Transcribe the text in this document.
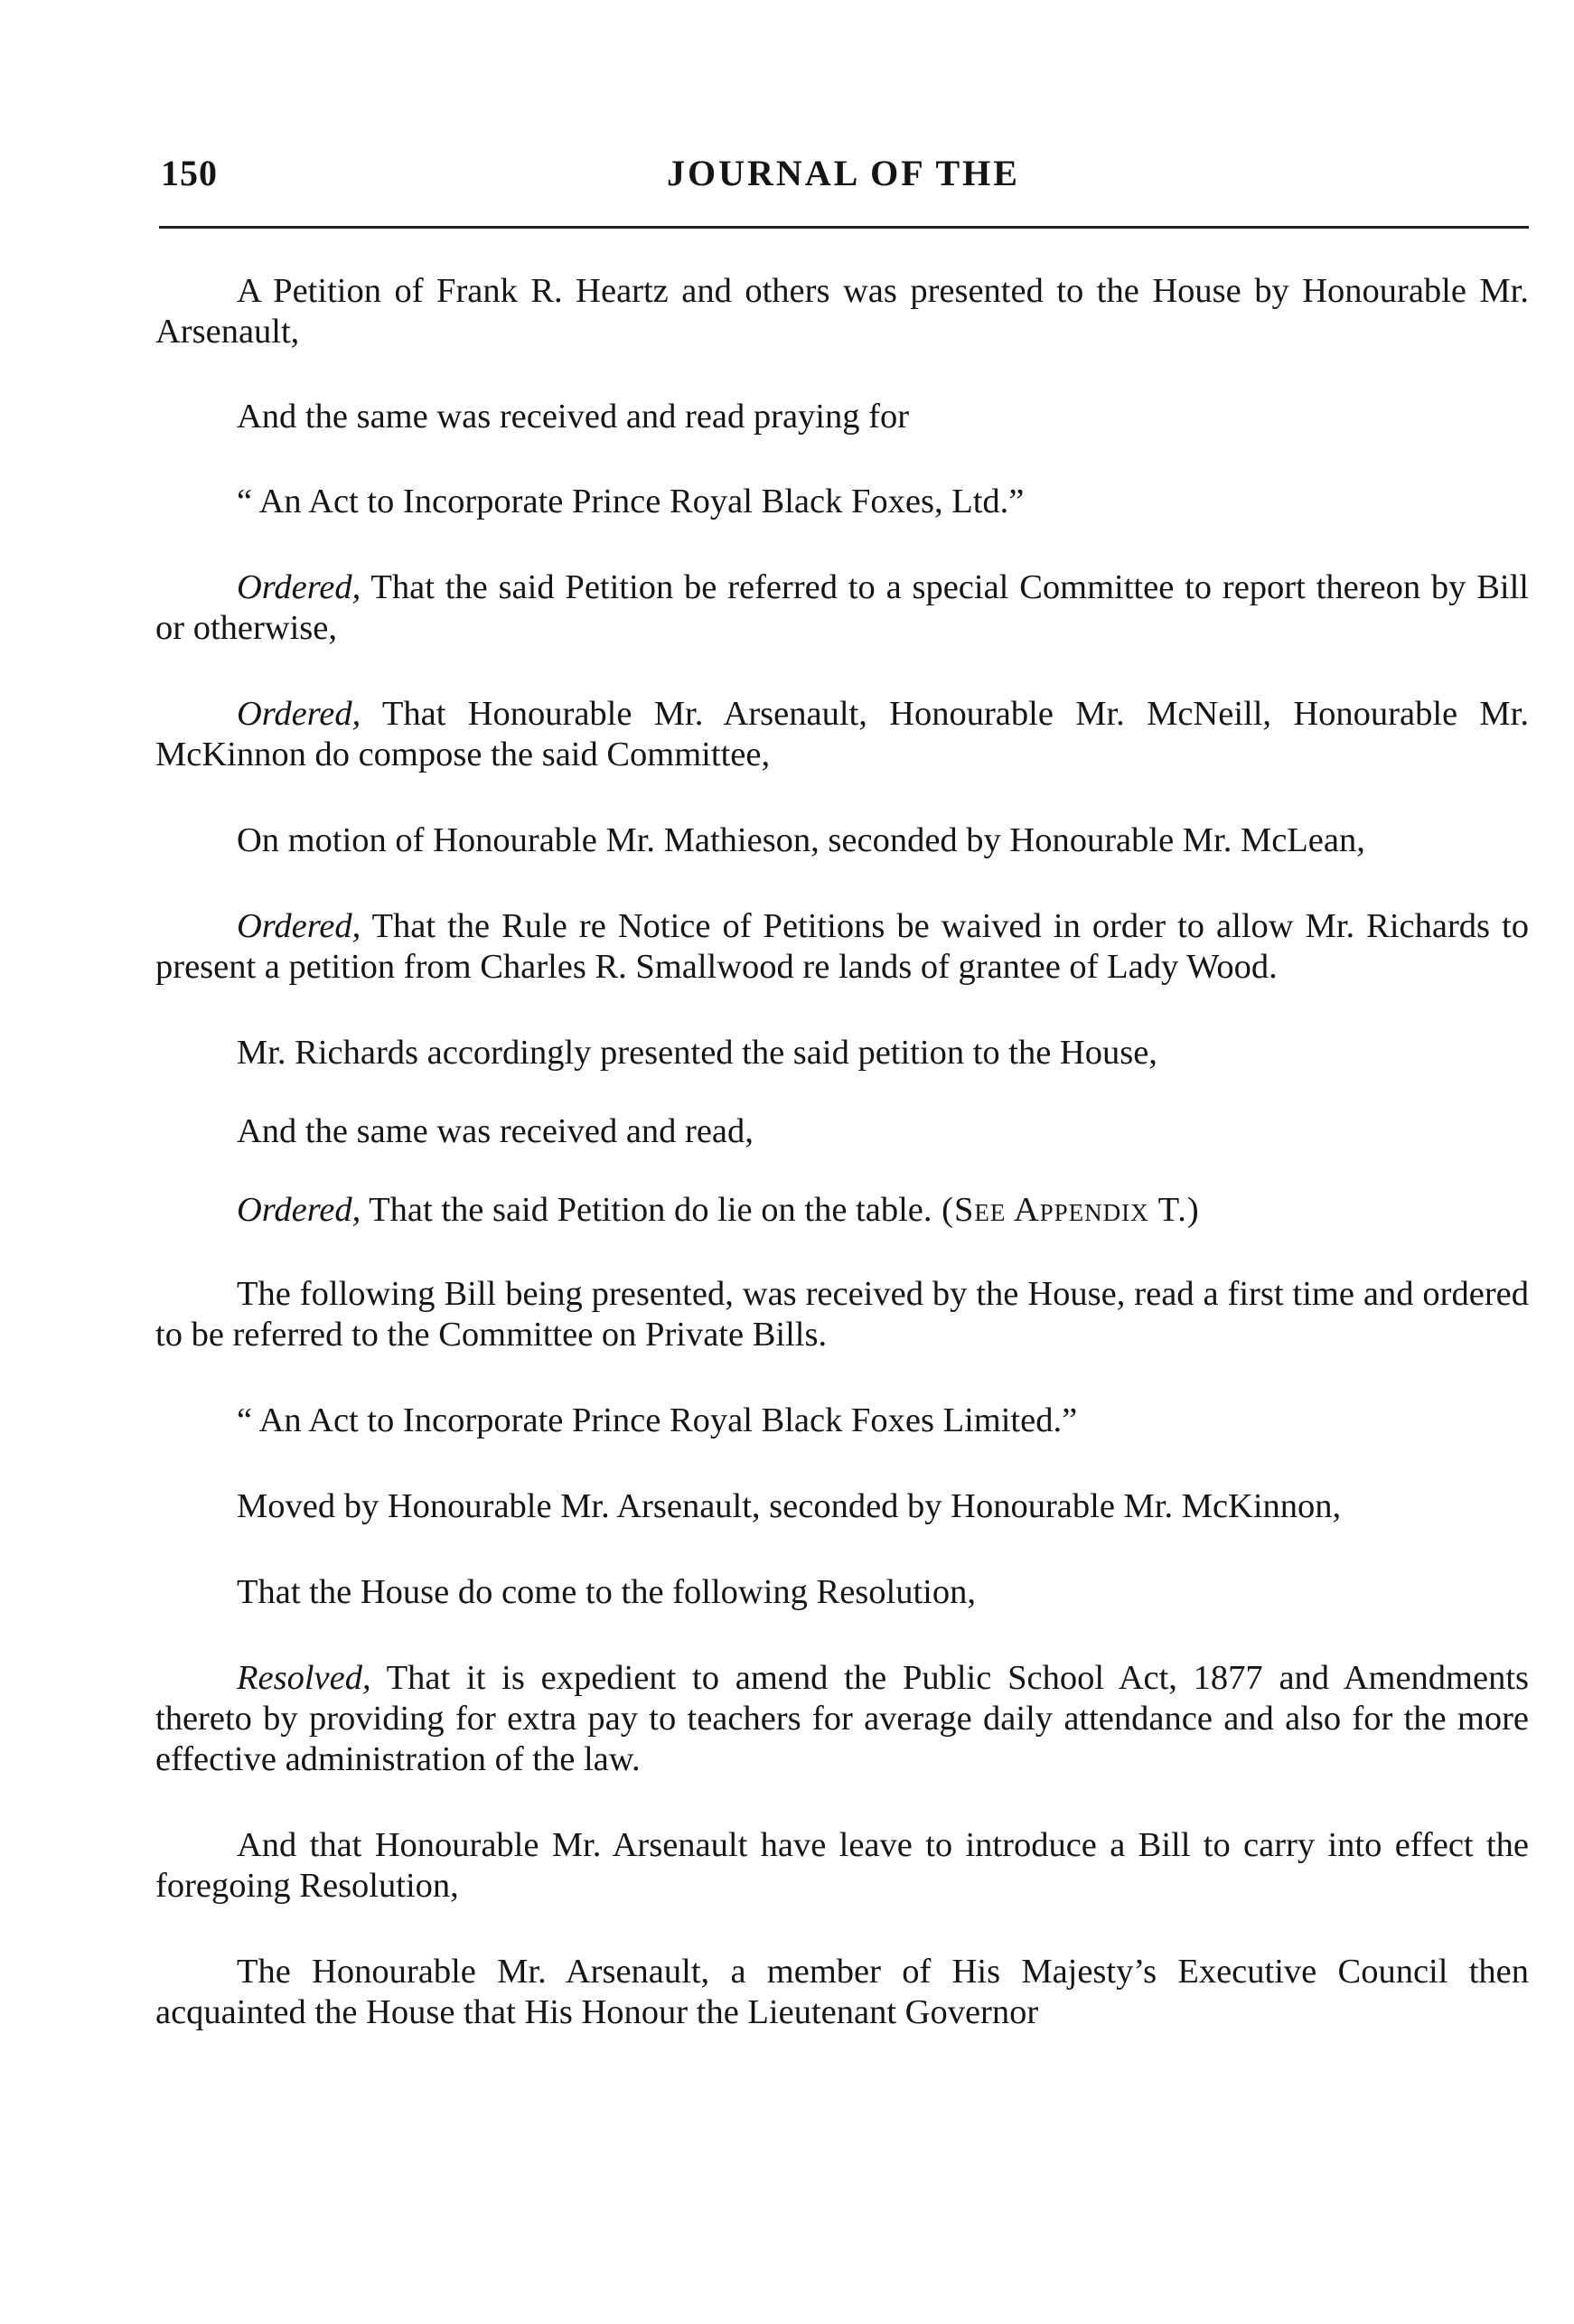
150	JOURNAL OF THE

A Petition of Frank R. Heartz and others was presented to the House by Honourable Mr. Arsenault,

And the same was received and read praying for

“ An Act to Incorporate Prince Royal Black Foxes, Ltd.”

Ordered, That the said Petition be referred to a special Committee to report thereon by Bill or otherwise,

Ordered, That Honourable Mr. Arsenault, Honourable Mr. McNeill, Honourable Mr. McKinnon do compose the said Committee,

On motion of Honourable Mr. Mathieson, seconded by Honourable Mr. McLean,

Ordered, That the Rule re Notice of Petitions be waived in order to allow Mr. Richards to present a petition from Charles R. Smallwood re lands of grantee of Lady Wood.

Mr. Richards accordingly presented the said petition to the House,

And the same was received and read,

Ordered, That the said Petition do lie on the table. (See Appendix T.)

The following Bill being presented, was received by the House, read a first time and ordered to be referred to the Committee on Private Bills.

“ An Act to Incorporate Prince Royal Black Foxes Limited.”

Moved by Honourable Mr. Arsenault, seconded by Honourable Mr. McKinnon,

That the House do come to the following Resolution,

Resolved, That it is expedient to amend the Public School Act, 1877 and Amendments thereto by providing for extra pay to teachers for average daily attendance and also for the more effective administration of the law.

And that Honourable Mr. Arsenault have leave to introduce a Bill to carry into effect the foregoing Resolution,

The Honourable Mr. Arsenault, a member of His Majesty’s Executive Council then acquainted the House that His Honour the Lieutenant Governor
